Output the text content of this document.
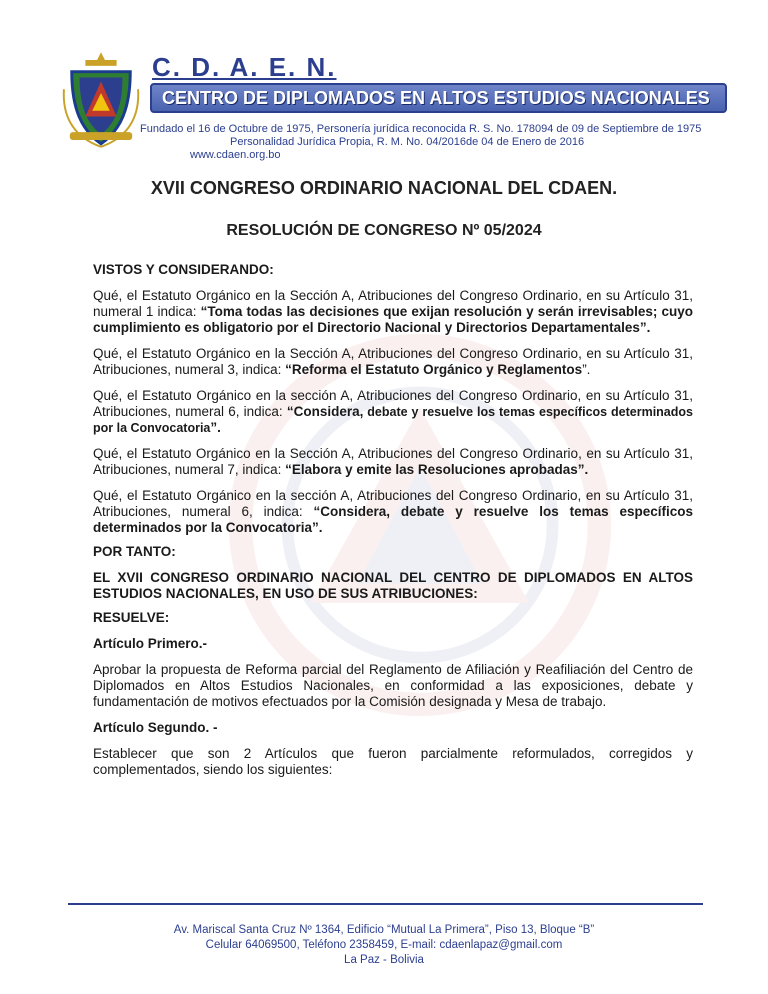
C. D. A. E. N.
CENTRO DE DIPLOMADOS EN ALTOS ESTUDIOS NACIONALES
Fundado el 16 de Octubre de 1975, Personería jurídica reconocida R. S. No. 178094 de 09 de Septiembre de 1975
Personalidad Jurídica Propia, R. M. No. 04/2016de 04 de Enero de 2016
www.cdaen.org.bo
XVII CONGRESO ORDINARIO NACIONAL DEL CDAEN.
RESOLUCIÓN DE CONGRESO Nº 05/2024

VISTOS Y CONSIDERANDO:

Qué, el Estatuto Orgánico en la Sección A, Atribuciones del Congreso Ordinario, en su Artículo 31, numeral 1 indica: “Toma todas las decisiones que exijan resolución y serán irrevisables; cuyo cumplimiento es obligatorio por el Directorio Nacional y Directorios Departamentales”.

Qué, el Estatuto Orgánico en la Sección A, Atribuciones del Congreso Ordinario, en su Artículo 31, Atribuciones, numeral 3, indica: “Reforma el Estatuto Orgánico y Reglamentos”.

Qué, el Estatuto Orgánico en la sección A, Atribuciones del Congreso Ordinario, en su Artículo 31, Atribuciones, numeral 6, indica: “Considera, debate y resuelve los temas específicos determinados por la Convocatoria”.

Qué, el Estatuto Orgánico en la Sección A, Atribuciones del Congreso Ordinario, en su Artículo 31, Atribuciones, numeral 7, indica: “Elabora y emite las Resoluciones aprobadas”.

Qué, el Estatuto Orgánico en la sección A, Atribuciones del Congreso Ordinario, en su Artículo 31, Atribuciones, numeral 6, indica: “Considera, debate y resuelve los temas específicos determinados por la Convocatoria”.

POR TANTO:

EL XVII CONGRESO ORDINARIO NACIONAL DEL CENTRO DE DIPLOMADOS EN ALTOS ESTUDIOS NACIONALES, EN USO DE SUS ATRIBUCIONES:

RESUELVE:

Artículo Primero.-

Aprobar la propuesta de Reforma parcial del Reglamento de Afiliación y Reafiliación del Centro de Diplomados en Altos Estudios Nacionales, en conformidad a las exposiciones, debate y fundamentación de motivos efectuados por la Comisión designada y Mesa de trabajo.

Artículo Segundo. -

Establecer que son 2 Artículos que fueron parcialmente reformulados, corregidos y complementados, siendo los siguientes:

Av. Mariscal Santa Cruz Nº 1364, Edificio “Mutual La Primera”, Piso 13, Bloque “B”
Celular 64069500, Teléfono 2358459, E-mail: cdaenlapaz@gmail.com
La Paz - Bolivia
